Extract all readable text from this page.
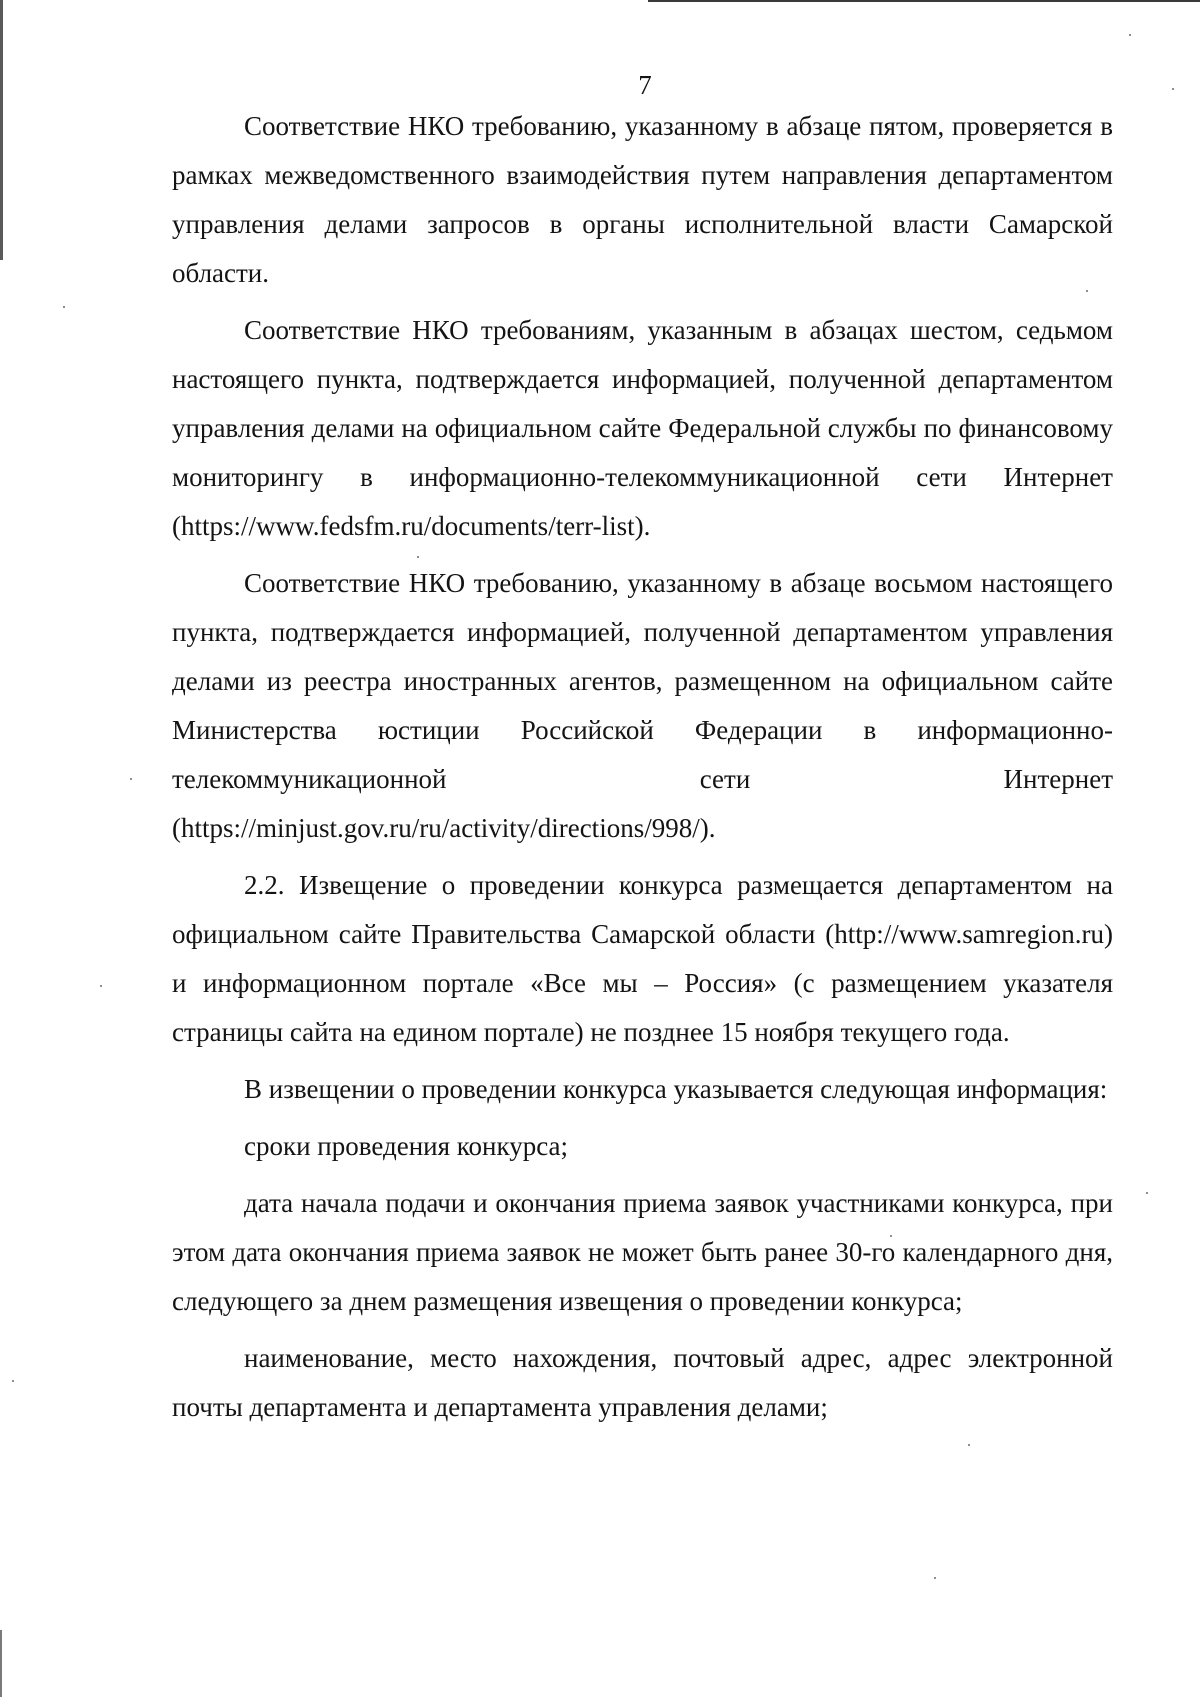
7

Соответствие НКО требованию, указанному в абзаце пятом, проверяется в рамках межведомственного взаимодействия путем направления департаментом управления делами запросов в органы исполнительной власти Самарской области.

Соответствие НКО требованиям, указанным в абзацах шестом, седьмом настоящего пункта, подтверждается информацией, полученной департаментом управления делами на официальном сайте Федеральной службы по финансовому мониторингу в информационно-телекоммуникационной сети Интернет (https://www.fedsfm.ru/documents/terr-list).

Соответствие НКО требованию, указанному в абзаце восьмом настоящего пункта, подтверждается информацией, полученной департаментом управления делами из реестра иностранных агентов, размещенном на официальном сайте Министерства юстиции Российской Федерации в информационно-телекоммуникационной сети Интернет (https://minjust.gov.ru/ru/activity/directions/998/).

2.2. Извещение о проведении конкурса размещается департаментом на официальном сайте Правительства Самарской области (http://www.samregion.ru) и информационном портале «Все мы – Россия» (с размещением указателя страницы сайта на едином портале) не позднее 15 ноября текущего года.

В извещении о проведении конкурса указывается следующая информация:

сроки проведения конкурса;

дата начала подачи и окончания приема заявок участниками конкурса, при этом дата окончания приема заявок не может быть ранее 30-го календарного дня, следующего за днем размещения извещения о проведении конкурса;

наименование, место нахождения, почтовый адрес, адрес электронной почты департамента и департамента управления делами;
